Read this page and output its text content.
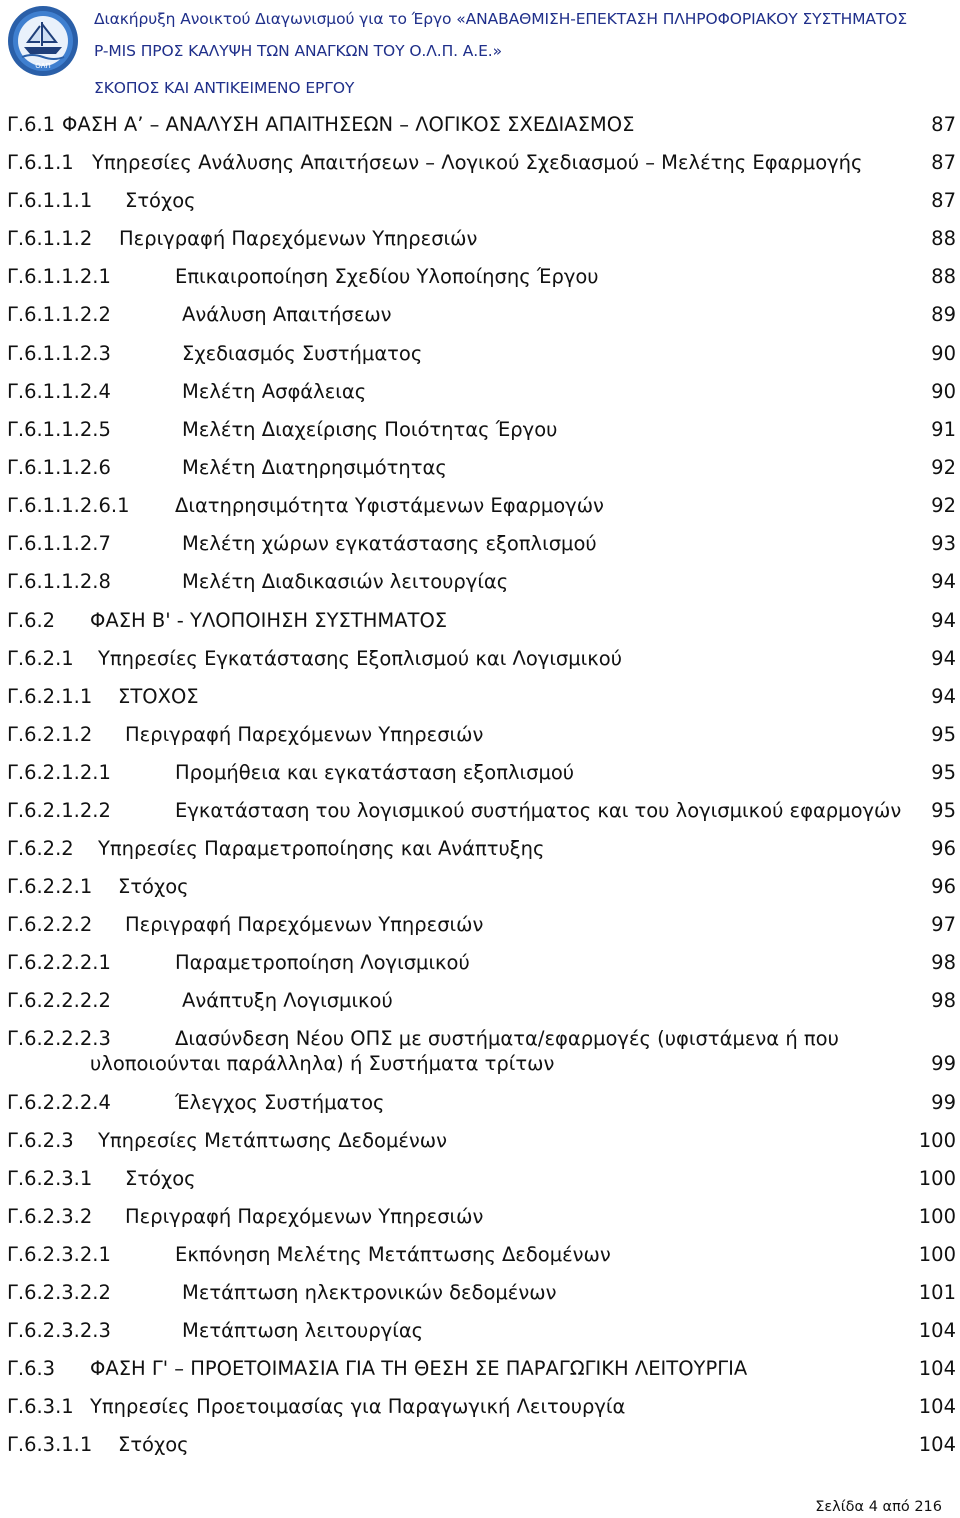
ΟΛΠ
Διακήρυξη Ανοικτού Διαγωνισμού για το Έργο «ΑΝΑΒΑΘΜΙΣΗ-ΕΠΕΚΤΑΣΗ ΠΛΗΡΟΦΟΡΙΑΚΟΥ ΣΥΣΤΗΜΑΤΟΣ
P-MIS ΠΡΟΣ ΚΑΛΥΨΗ ΤΩΝ ΑΝΑΓΚΩΝ ΤΟΥ Ο.Λ.Π. Α.Ε.»
ΣΚΟΠΟΣ ΚΑΙ ΑΝΤΙΚΕΙΜΕΝΟ ΕΡΓΟΥ
Γ.6.1 ΦΑΣΗ Α’ – ΑΝΑΛΥΣΗ ΑΠΑΙΤΗΣΕΩΝ – ΛΟΓΙΚΟΣ ΣΧΕΔΙΑΣΜΟΣ	87
Γ.6.1.1 Υπηρεσίες Ανάλυσης Απαιτήσεων – Λογικού Σχεδιασμού – Μελέτης Εφαρμογής	87
Γ.6.1.1.1 Στόχος	87
Γ.6.1.1.2 Περιγραφή Παρεχόμενων Υπηρεσιών	88
Γ.6.1.1.2.1	Επικαιροποίηση Σχεδίου Υλοποίησης Έργου	88
Γ.6.1.1.2.2	Ανάλυση Απαιτήσεων	89
Γ.6.1.1.2.3	Σχεδιασμός Συστήματος	90
Γ.6.1.1.2.4	Μελέτη Ασφάλειας	90
Γ.6.1.1.2.5	Μελέτη Διαχείρισης Ποιότητας Έργου	91
Γ.6.1.1.2.6	Μελέτη Διατηρησιμότητας	92
Γ.6.1.1.2.6.1 Διατηρησιμότητα Υφιστάμενων Εφαρμογών	92
Γ.6.1.1.2.7	Μελέτη χώρων εγκατάστασης εξοπλισμού	93
Γ.6.1.1.2.8	Μελέτη Διαδικασιών λειτουργίας	94
Γ.6.2 ΦΑΣΗ Β' - ΥΛΟΠΟΙΗΣΗ ΣΥΣΤΗΜΑΤΟΣ	94
Γ.6.2.1 Υπηρεσίες Εγκατάστασης Εξοπλισμού και Λογισμικού	94
Γ.6.2.1.1 ΣΤΟΧΟΣ	94
Γ.6.2.1.2 Περιγραφή Παρεχόμενων Υπηρεσιών	95
Γ.6.2.1.2.1	Προμήθεια και εγκατάσταση εξοπλισμού	95
Γ.6.2.1.2.2	Εγκατάσταση του λογισμικού συστήματος και του λογισμικού εφαρμογών 95
Γ.6.2.2 Υπηρεσίες Παραμετροποίησης και Ανάπτυξης	96
Γ.6.2.2.1 Στόχος	96
Γ.6.2.2.2 Περιγραφή Παρεχόμενων Υπηρεσιών	97
Γ.6.2.2.2.1	Παραμετροποίηση Λογισμικού	98
Γ.6.2.2.2.2	Ανάπτυξη Λογισμικού	98
Γ.6.2.2.2.3	Διασύνδεση Νέου ΟΠΣ με συστήματα/εφαρμογές (υφιστάμενα ή που
υλοποιούνται παράλληλα) ή Συστήματα τρίτων	99
Γ.6.2.2.2.4	Έλεγχος Συστήματος	99
Γ.6.2.3 Υπηρεσίες Μετάπτωσης Δεδομένων	100
Γ.6.2.3.1 Στόχος	100
Γ.6.2.3.2 Περιγραφή Παρεχόμενων Υπηρεσιών	100
Γ.6.2.3.2.1	Εκπόνηση Μελέτης Μετάπτωσης Δεδομένων	100
Γ.6.2.3.2.2	Μετάπτωση ηλεκτρονικών δεδομένων	101
Γ.6.2.3.2.3	Μετάπτωση λειτουργίας	104
Γ.6.3 ΦΑΣΗ Γ' – ΠΡΟΕΤΟΙΜΑΣΙΑ ΓΙΑ ΤΗ ΘΕΣΗ ΣΕ ΠΑΡΑΓΩΓΙΚΗ ΛΕΙΤΟΥΡΓΙΑ	104
Γ.6.3.1 Υπηρεσίες Προετοιμασίας για Παραγωγική Λειτουργία	104
Γ.6.3.1.1 Στόχος	104
Σελίδα 4 από 216
